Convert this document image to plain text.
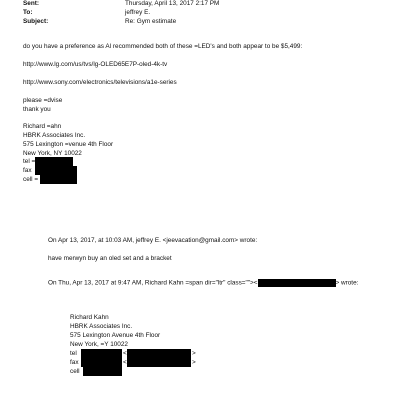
Sent:	Thursday, April 13, 2017 2:17 PM
To:	jeffrey E.
Subject:	Re: Gym estimate
do you have a preference as Al recommended both of these =LED's and both appear to be $5,499:
http://www.lg.com/us/tvs/lg-OLED65E7P-oled-4k-tv
http://www.sony.com/electronics/televisions/a1e-series
please =dvise
thank you
Richard =ahn
HBRK Associates Inc.
575 Lexington =venue 4th Floor
New York, NY 10022
tel =
fax
cell =
On Apr 13, 2017, at 10:03 AM, jeffrey E. <jeevacation@gmail.com> wrote:
have merwyn buy an oled set and a bracket
On Thu, Apr 13, 2017 at 9:47 AM, Richard Kahn =span dir="ltr" class=""><	> wrote:
Richard Kahn
HBRK Associates Inc.
575 Lexington Avenue 4th Floor
New York, =Y 10022
tel	<	>
fax	<	>
cell
